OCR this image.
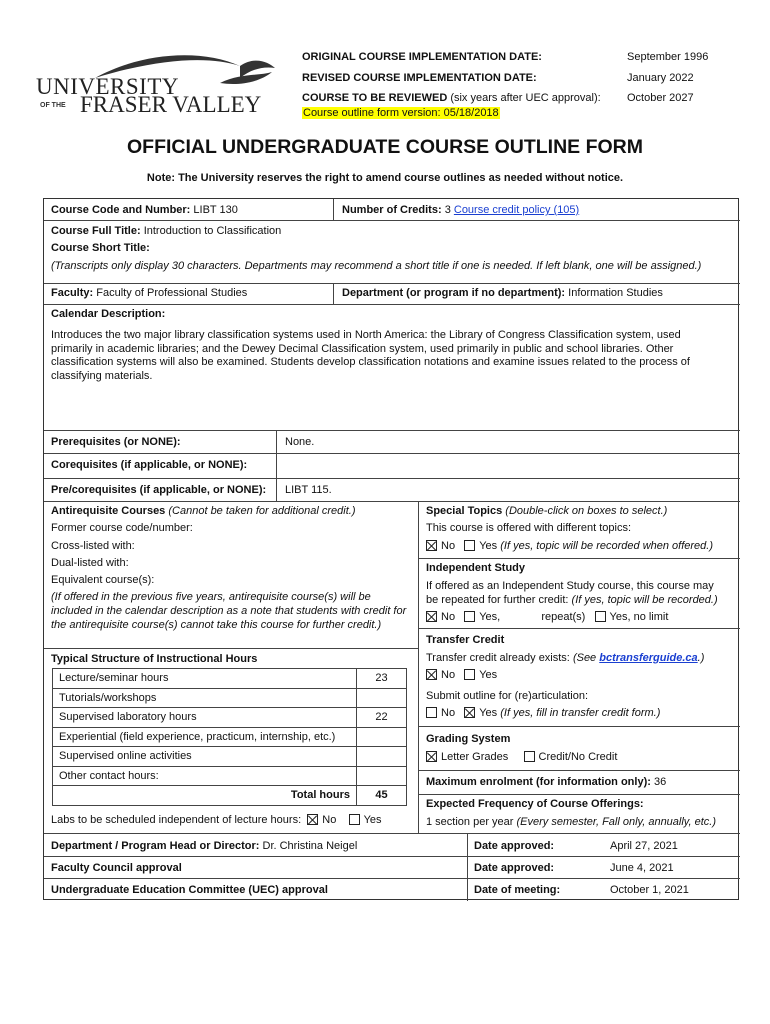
UNIVERSITY
OF THE FRASER VALLEY
ORIGINAL COURSE IMPLEMENTATION DATE:	September 1996
REVISED COURSE IMPLEMENTATION DATE:	January 2022
COURSE TO BE REVIEWED (six years after UEC approval): October 2027
Course outline form version: 05/18/2018
OFFICIAL UNDERGRADUATE COURSE OUTLINE FORM
Note: The University reserves the right to amend course outlines as needed without notice.
Course Code and Number: LIBT 130	Number of Credits: 3 Course credit policy (105)
Course Full Title: Introduction to Classification
Course Short Title:
(Transcripts only display 30 characters. Departments may recommend a short title if one is needed. If left blank, one will be assigned.)
Faculty: Faculty of Professional Studies	Department (or program if no department): Information Studies
Calendar Description:
Introduces the two major library classification systems used in North America: the Library of Congress Classification system, used primarily in academic libraries; and the Dewey Decimal Classification system, used primarily in public and school libraries. Other classification systems will also be examined. Students develop classification notations and examine issues related to the process of classifying materials.
Prerequisites (or NONE):	None.
Corequisites (if applicable, or NONE):
Pre/corequisites (if applicable, or NONE): LIBT 115.
Antirequisite Courses (Cannot be taken for additional credit.)
Former course code/number:
Cross-listed with:
Dual-listed with:
Equivalent course(s):
(If offered in the previous five years, antirequisite course(s) will be included in the calendar description as a note that students with credit for the antirequisite course(s) cannot take this course for further credit.)
Special Topics (Double-click on boxes to select.)
This course is offered with different topics:
No Yes (If yes, topic will be recorded when offered.)
Independent Study
If offered as an Independent Study course, this course may
be repeated for further credit: (If yes, topic will be recorded.)
No Yes,	repeat(s) Yes, no limit
Transfer Credit
Transfer credit already exists: (See bctransferguide.ca.)
No Yes
Submit outline for (re)articulation:
No Yes (If yes, fill in transfer credit form.)
Grading System
Letter Grades	Credit/No Credit
Maximum enrolment (for information only): 36
Expected Frequency of Course Offerings:
1 section per year (Every semester, Fall only, annually, etc.)
Typical Structure of Instructional Hours
Labs to be scheduled independent of lecture hours: No Yes
Department / Program Head or Director: Dr. Christina Neigel	Date approved:	April 27, 2021
Faculty Council approval	Date approved:	June 4, 2021
Undergraduate Education Committee (UEC) approval	Date of meeting:	October 1, 2021
Lecture/seminar hours	23
Tutorials/workshops	
Supervised laboratory hours	22
Experiential (field experience, practicum, internship, etc.)	
Supervised online activities	
Other contact hours:	
Total hours	45
